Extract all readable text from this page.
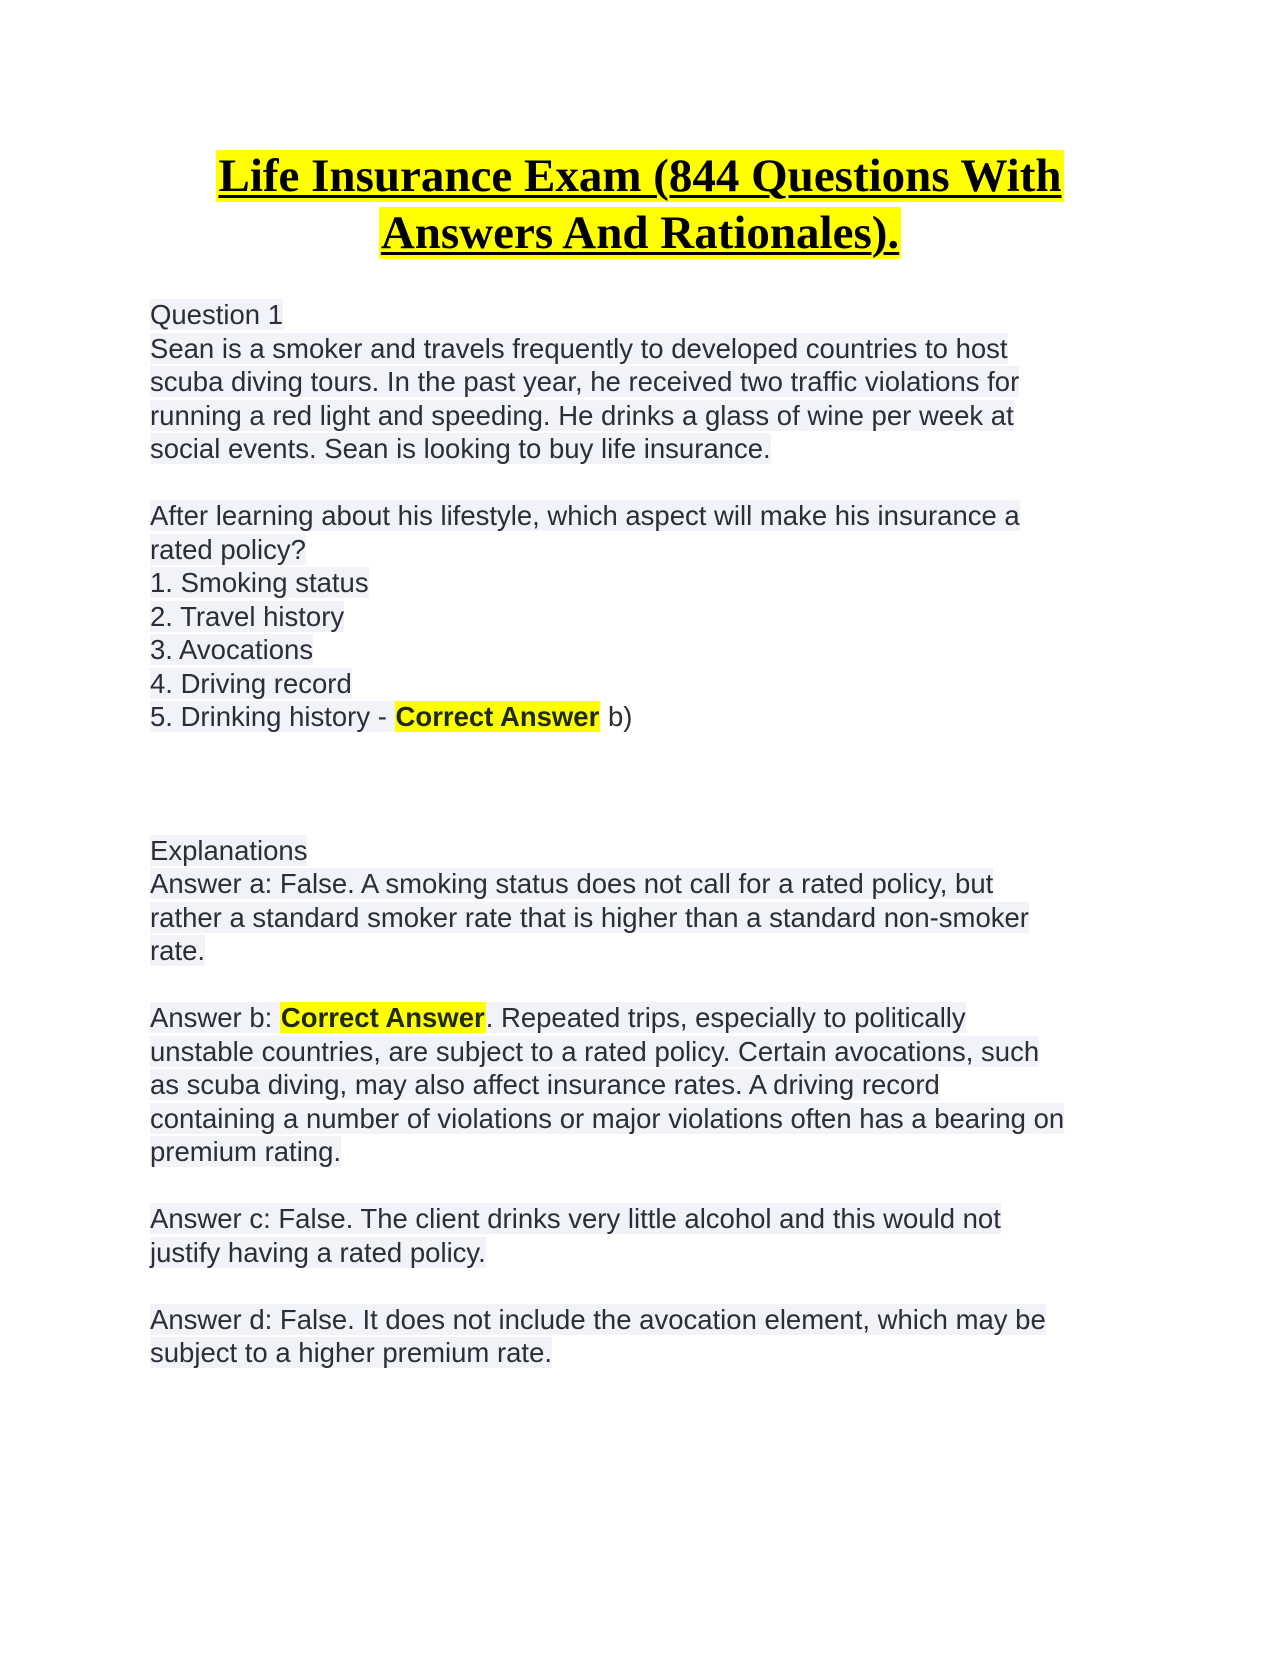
Life Insurance Exam (844 Questions With
Answers And Rationales).
Question 1
Sean is a smoker and travels frequently to developed countries to host
scuba diving tours. In the past year, he received two traffic violations for
running a red light and speeding. He drinks a glass of wine per week at
social events. Sean is looking to buy life insurance.
After learning about his lifestyle, which aspect will make his insurance a
rated policy?
1. Smoking status
2. Travel history
3. Avocations
4. Driving record
5. Drinking history - Correct Answer b)
Explanations
Answer a: False. A smoking status does not call for a rated policy, but
rather a standard smoker rate that is higher than a standard non-smoker
rate.
Answer b: Correct Answer. Repeated trips, especially to politically
unstable countries, are subject to a rated policy. Certain avocations, such
as scuba diving, may also affect insurance rates. A driving record
containing a number of violations or major violations often has a bearing on
premium rating.
Answer c: False. The client drinks very little alcohol and this would not
justify having a rated policy.
Answer d: False. It does not include the avocation element, which may be
subject to a higher premium rate.
